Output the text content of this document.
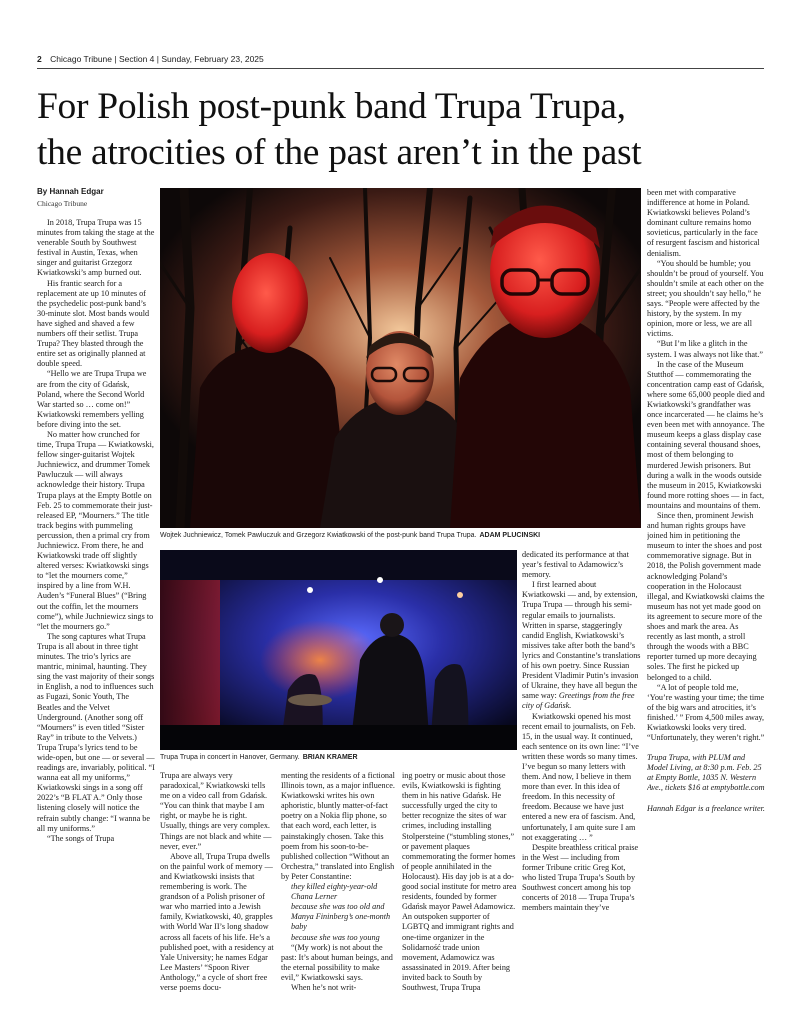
2 Chicago Tribune | Section 4 | Sunday, February 23, 2025
For Polish post-punk band Trupa Trupa,
the atrocities of the past aren’t in the past
By Hannah Edgar
Chicago Tribune

In 2018, Trupa Trupa was 15 minutes from taking the stage at the venerable South by Southwest festival in Austin, Texas, when singer and guitarist Grzegorz Kwiatkowski’s amp burned out.

His frantic search for a replacement ate up 10 minutes of the psychedelic post-punk band’s 30-minute slot. Most bands would have sighed and shaved a few numbers off their setlist. Trupa Trupa? They blasted through the entire set as originally planned at double speed.

“Hello we are Trupa Trupa we are from the city of Gdańsk, Poland, where the Second World War started so … come on!” Kwiatkowski remembers yelling before diving into the set.

No matter how crunched for time, Trupa Trupa — Kwiatkowski, fellow singer-guitarist Wojtek Juchniewicz, and drummer Tomek Pawluczuk — will always acknowledge their history. Trupa Trupa plays at the Empty Bottle on Feb. 25 to commemorate their just-released EP, “Mourners.” The title track begins with pummeling percussion, then a primal cry from Juchniewicz. From there, he and Kwiatkowski trade off slightly altered verses: Kwiatkowski sings to “let the mourners come,” inspired by a line from W.H. Auden’s “Funeral Blues” (“Bring out the coffin, let the mourners come”), while Juchniewicz sings to “let the mourners go.”

The song captures what Trupa Trupa is all about in three tight minutes. The trio’s lyrics are mantric, minimal, haunting. They sing the vast majority of their songs in English, a nod to influences such as Fugazi, Sonic Youth, The Beatles and the Velvet Underground. (Another song off “Mourners” is even titled “Sister Ray” in tribute to the Velvets.) Trupa Trupa’s lyrics tend to be wide-open, but one — or several — readings are, invariably, political. “I wanna eat all my uniforms,” Kwiatkowski sings in a song off 2022’s “B FLAT A.” Only those listening closely will notice the refrain subtly change: “I wanna be all my uniforms.”

“The songs of Trupa

Wojtek Juchniewicz, Tomek Pawluczuk and Grzegorz Kwiatkowski of the post-punk band Trupa Trupa. ADAM PLUCINSKI
Trupa Trupa in concert in Hanover, Germany. BRIAN KRAMER

Trupa are always very paradoxical,” Kwiatkowski tells me on a video call from Gdańsk. “You can think that maybe I am right, or maybe he is right. Usually, things are very complex. Things are not black and white — never, ever.”

Above all, Trupa Trupa dwells on the painful work of memory — and Kwiatkowski insists that remembering is work. The grandson of a Polish prisoner of war who married into a Jewish family, Kwiatkowski, 40, grapples with World War II’s long shadow across all facets of his life. He’s a published poet, with a residency at Yale University; he names Edgar Lee Masters’ “Spoon River Anthology,” a cycle of short free verse poems docu-

menting the residents of a fictional Illinois town, as a major influence. Kwiatkowski writes his own aphoristic, bluntly matter-of-fact poetry on a Nokia flip phone, so that each word, each letter, is painstakingly chosen. Take this poem from his soon-to-be-published collection “Without an Orchestra,” translated into English by Peter Constantine:

they killed eighty-year-old Chana Lerner

because she was too old and Manya Fininberg’s one-month baby

because she was too young

“(My work) is not about the past: It’s about human beings, and the eternal possibility to make evil,” Kwiatkowski says.

When he’s not writ-

ing poetry or music about those evils, Kwiatkowski is fighting them in his native Gdańsk. He successfully urged the city to better recognize the sites of war crimes, including installing Stolpersteine (“stumbling stones,” or pavement plaques commemorating the former homes of people annihilated in the Holocaust). His day job is at a do-good social institute for metro area residents, founded by former Gdańsk mayor Paweł Adamowicz. An outspoken supporter of LGBTQ and immigrant rights and one-time organizer in the Solidarność trade union movement, Adamowicz was assassinated in 2019. After being invited back to South by Southwest, Trupa Trupa

dedicated its performance at that year’s festival to Adamowicz’s memory.

I first learned about Kwiatkowski — and, by extension, Trupa Trupa — through his semi-regular emails to journalists. Written in sparse, staggeringly candid English, Kwiatkowski’s missives take after both the band’s lyrics and Constantine’s translations of his own poetry. Since Russian President Vladimir Putin’s invasion of Ukraine, they have all begun the same way: Greetings from the free city of Gdańsk.

Kwiatkowski opened his most recent email to journalists, on Feb. 15, in the usual way. It continued, each sentence on its own line: “I’ve written these words so many times. I’ve begun so many letters with them. And now, I believe in them more than ever. In this idea of freedom. In this necessity of freedom. Because we have just entered a new era of fascism. And, unfortunately, I am quite sure I am not exaggerating … ”

Despite breathless critical praise in the West — including from former Tribune critic Greg Kot, who listed Trupa Trupa’s South by Southwest concert among his top concerts of 2018 — Trupa Trupa’s members maintain they’ve

been met with comparative indifference at home in Poland. Kwiatkowski believes Poland’s dominant culture remains homo sovieticus, particularly in the face of resurgent fascism and historical denialism.

“You should be humble; you shouldn’t be proud of yourself. You shouldn’t smile at each other on the street; you shouldn’t say hello,” he says. “People were affected by the history, by the system. In my opinion, more or less, we are all victims.

“But I’m like a glitch in the system. I was always not like that.”

In the case of the Museum Stutthof — commemorating the concentration camp east of Gdańsk, where some 65,000 people died and Kwiatkowski’s grandfather was once incarcerated — he claims he’s even been met with annoyance. The museum keeps a glass display case containing several thousand shoes, most of them belonging to murdered Jewish prisoners. But during a walk in the woods outside the museum in 2015, Kwiatkowski found more rotting shoes — in fact, mountains and mountains of them.

Since then, prominent Jewish and human rights groups have joined him in petitioning the museum to inter the shoes and post commemorative signage. But in 2018, the Polish government made acknowledging Poland’s cooperation in the Holocaust illegal, and Kwiatkowski claims the museum has not yet made good on its agreement to secure more of the shoes and mark the area. As recently as last month, a stroll through the woods with a BBC reporter turned up more decaying soles. The first he picked up belonged to a child.

“A lot of people told me, ‘You’re wasting your time; the time of the big wars and atrocities, it’s finished.’ ” From 4,500 miles away, Kwiatkowski looks very tired. “Unfortunately, they weren’t right.”

Trupa Trupa, with PLUM and Model Living, at 8:30 p.m. Feb. 25 at Empty Bottle, 1035 N. Western Ave., tickets $16 at emptybottle.com

Hannah Edgar is a freelance writer.
